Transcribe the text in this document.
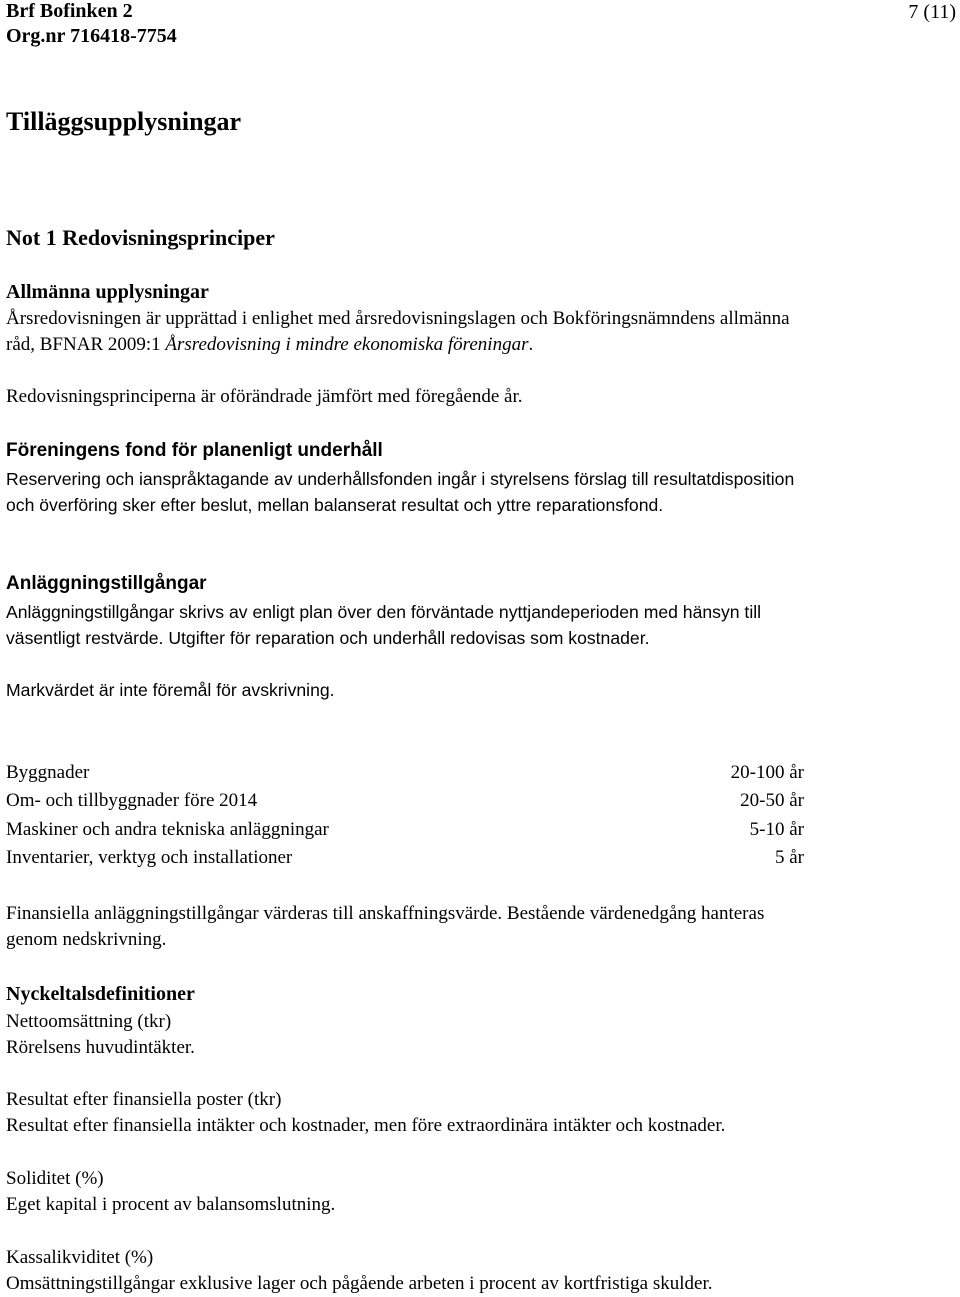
Brf Bofinken 2
Org.nr 716418-7754
7 (11)
Tilläggsupplysningar
Not 1 Redovisningsprinciper
Allmänna upplysningar
Årsredovisningen är upprättad i enlighet med årsredovisningslagen och Bokföringsnämndens allmänna
råd, BFNAR 2009:1 Årsredovisning i mindre ekonomiska föreningar.
Redovisningsprinciperna är oförändrade jämfört med föregående år.
Föreningens fond för planenligt underhåll
Reservering och ianspråktagande av underhållsfonden ingår i styrelsens förslag till resultatdisposition
och överföring sker efter beslut, mellan balanserat resultat och yttre reparationsfond.
Anläggningstillgångar
Anläggningstillgångar skrivs av enligt plan över den förväntade nyttjandeperioden med hänsyn till
väsentligt restvärde. Utgifter för reparation och underhåll redovisas som kostnader.
Markvärdet är inte föremål för avskrivning.
Byggnader	20-100 år
Om- och tillbyggnader före 2014	20-50 år
Maskiner och andra tekniska anläggningar	5-10 år
Inventarier, verktyg och installationer	5 år
Finansiella anläggningstillgångar värderas till anskaffningsvärde. Bestående värdenedgång hanteras
genom nedskrivning.
Nyckeltalsdefinitioner
Nettoomsättning (tkr)
Rörelsens huvudintäkter.
Resultat efter finansiella poster (tkr)
Resultat efter finansiella intäkter och kostnader, men före extraordinära intäkter och kostnader.
Soliditet (%)
Eget kapital i procent av balansomslutning.
Kassalikviditet (%)
Omsättningstillgångar exklusive lager och pågående arbeten i procent av kortfristiga skulder.
